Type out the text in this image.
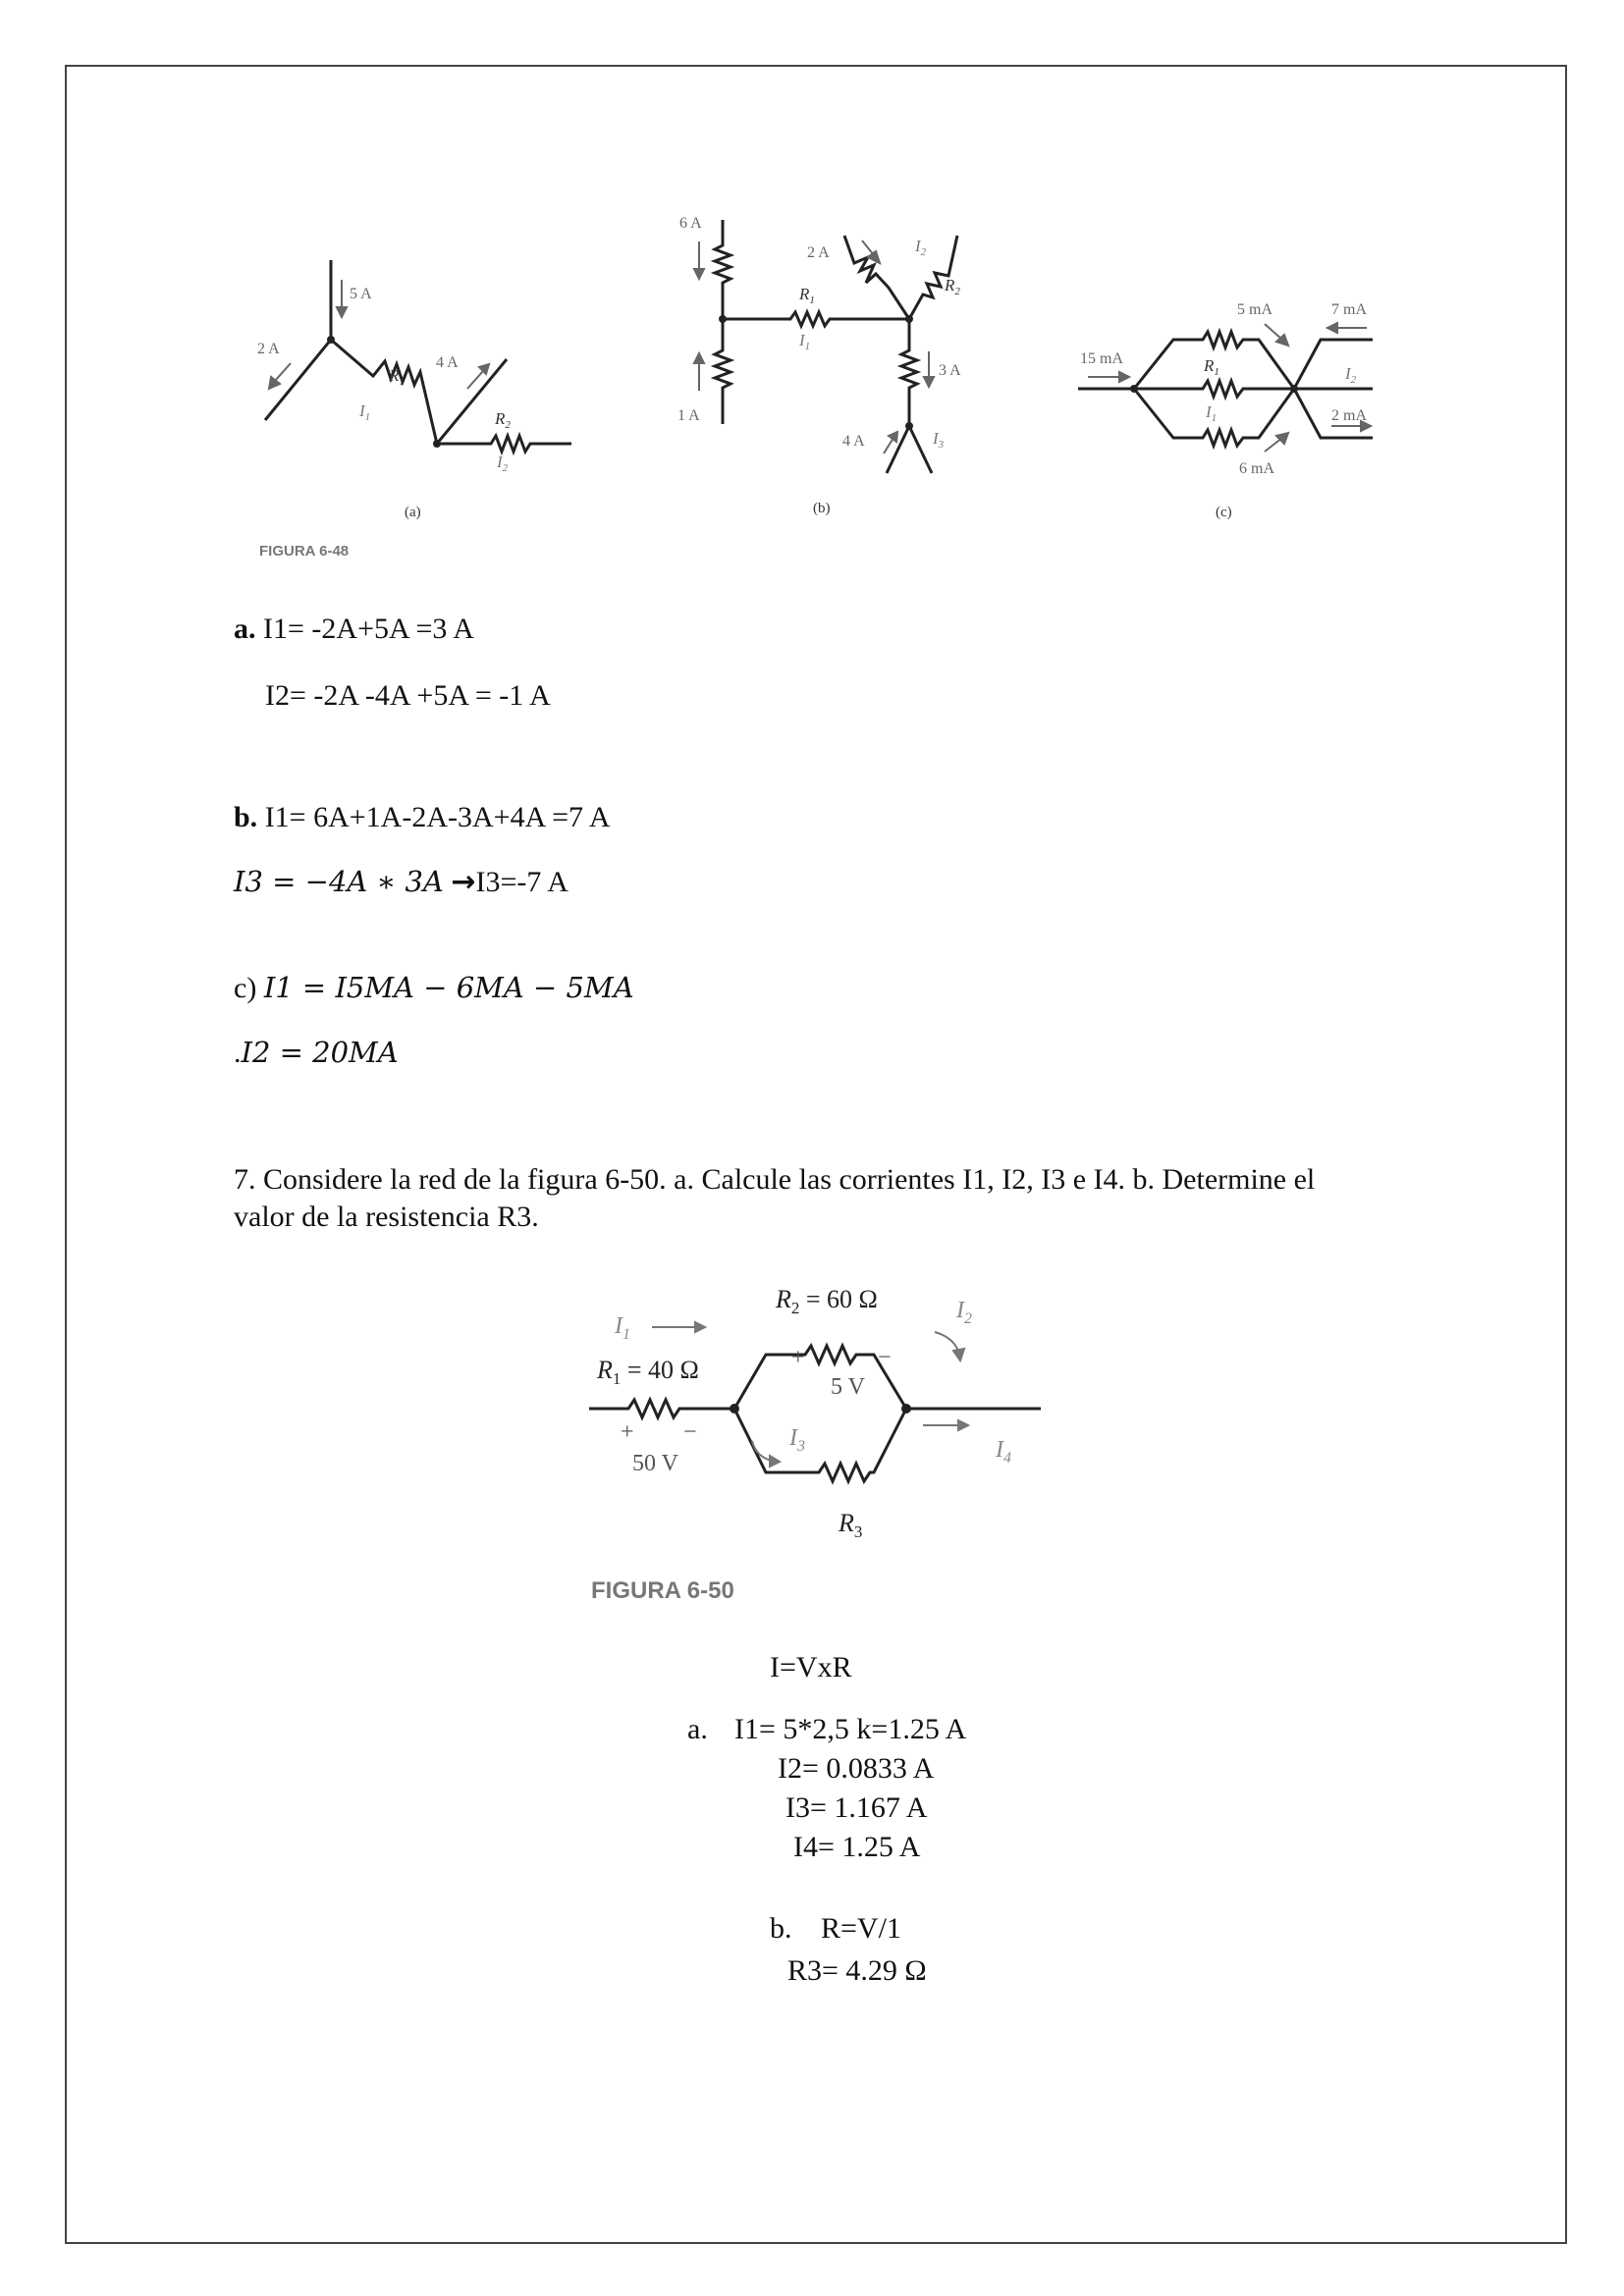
5 A
2 A
4 A
6 A
1 A
2 A
3 A
4 A
15 mA
5 mA	7 mA
2 mA
6 mA
$R_1$
$I_1$	$R_2$
$I_2$
$R_1$
$I_1$
$R_2$
$I_2$
$I_3$
$R_1$
$I_1$
$I_2$
(a)	(b)	(c)
FIGURA 6-48
a. I1= -2A+5A =3 A
I2= -2A -4A +5A = -1 A
b. I1= 6A+1A-2A-3A+4A =7 A
I3 = −4A ∗ 3A →I3=-7 A
c) I1 = I5MA − 6MA − 5MA
.I2 = 20MA
7. Considere la red de la figura 6-50. a. Calcule las corrientes I1, I2, I3 e I4. b. Determine el valor de la resistencia R3.
$R_2 = 60$ Ω
$R_1 = 40$ Ω
$R_3$
+	−
5 V
+ −
50 V
$I_1$
$I_2$
$I_3$	$I_4$
FIGURA 6-50
I=VxR
a. I1= 5*2,5 k=1.25 A
I2= 0.0833 A
I3= 1.167 A
I4= 1.25 A
b. R=V/1
R3= 4.29 Ω
